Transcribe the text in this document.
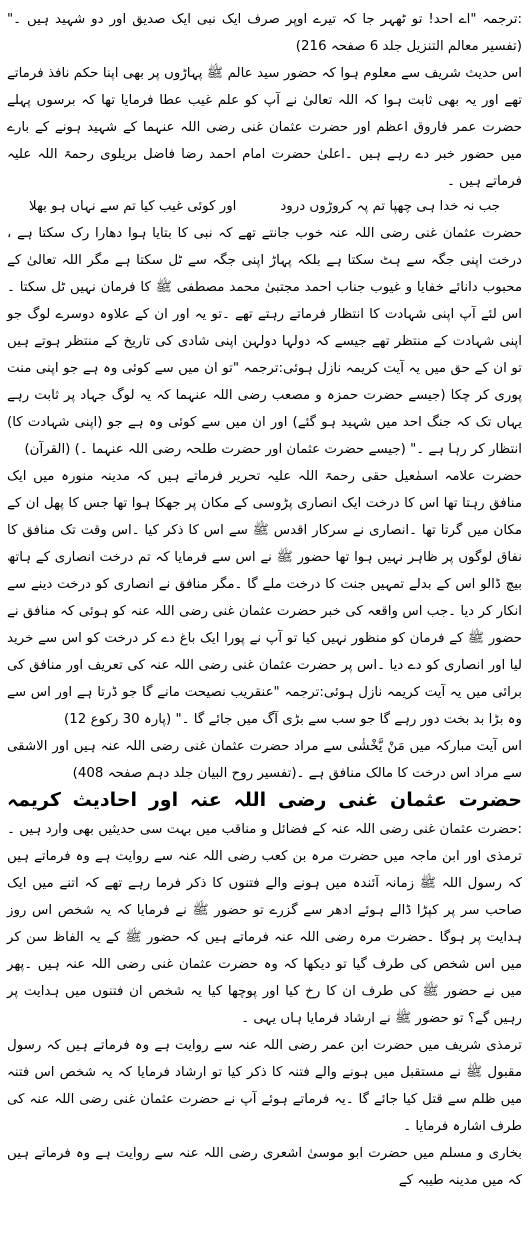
:ترجمہ "اے احد! تو ٹھہر جا کہ تیرے اوپر صرف ایک نبی ایک صدیق اور دو شہید ہیں ۔" (تفسیر معالم التنزیل جلد 6 صفحہ 216)

اس حدیث شریف سے معلوم ہوا کہ حضور سید عالم ﷺ پہاڑوں پر بھی اپنا حکم نافذ فرماتے تھے اور یہ بھی ثابت ہوا کہ اللہ تعالیٰ نے آپ کو علم غیب عطا فرمایا تھا کہ برسوں پہلے حضرت عمر فاروق اعظم اور حضرت عثمان غنی رضی اللہ عنہما کے شہید ہونے کے بارے میں حضور خبر دے رہے ہیں ۔اعلیٰ حضرت امام احمد رضا فاضل بریلوی رحمۃ اللہ علیہ فرماتے ہیں ۔

جب نہ خدا ہی چھپا تم پہ کروڑوں درود
اور کوئی غیب کیا تم سے نہاں ہو بھلا

حضرت عثمان غنی رضی اللہ عنہ خوب جانتے تھے کہ نبی کا بتایا ہوا دھارا رک سکتا ہے ، درخت اپنی جگہ سے ہٹ سکتا ہے بلکہ پہاڑ اپنی جگہ سے ٹل سکتا ہے مگر اللہ تعالیٰ کے محبوب دانائے خفایا و غیوب جناب احمد مجتبیٰ محمد مصطفی ﷺ کا فرمان نہیں ٹل سکتا ۔اس لئے آپ اپنی شہادت کا انتظار فرماتے رہتے تھے ۔تو یہ اور ان کے علاوہ دوسرے لوگ جو اپنی شہادت کے منتظر تھے جیسے کہ دولہا دولہن اپنی شادی کی تاریخ کے منتظر ہوتے ہیں تو ان کے حق میں یہ آیت کریمہ نازل ہوئی:ترجمہ "تو ان میں سے کوئی وہ ہے جو اپنی منت پوری کر چکا (جیسے حضرت حمزہ و مصعب رضی اللہ عنہما کہ یہ لوگ جہاد پر ثابت رہے یہاں تک کہ جنگ احد میں شہید ہو گئے) اور ان میں سے کوئی وہ ہے جو (اپنی شہادت کا) انتظار کر رہا ہے ۔" (جیسے حضرت عثمان اور حضرت طلحہ رضی اللہ عنہما ۔) (القرآن)

حضرت علامہ اسمٰعیل حقی رحمۃ اللہ علیہ تحریر فرماتے ہیں کہ مدینہ منورہ میں ایک منافق رہتا تھا اس کا درخت ایک انصاری پڑوسی کے مکان پر جھکا ہوا تھا جس کا پھل ان کے مکان میں گرتا تھا ۔انصاری نے سرکار اقدس ﷺ سے اس کا ذکر کیا ۔اس وقت تک منافق کا نفاق لوگوں پر ظاہر نہیں ہوا تھا حضور ﷺ نے اس سے فرمایا کہ تم درخت انصاری کے ہاتھ بیچ ڈالو اس کے بدلے تمہیں جنت کا درخت ملے گا ۔مگر منافق نے انصاری کو درخت دینے سے انکار کر دیا ۔جب اس واقعہ کی خبر حضرت عثمان غنی رضی اللہ عنہ کو ہوئی کہ منافق نے حضور ﷺ کے فرمان کو منظور نہیں کیا تو آپ نے پورا ایک باغ دے کر درخت کو اس سے خرید لیا اور انصاری کو دے دیا ۔اس پر حضرت عثمان غنی رضی اللہ عنہ کی تعریف اور منافق کی برائی میں یہ آیت کریمہ نازل ہوئی:ترجمہ "عنقریب نصیحت مانے گا جو ڈرتا ہے اور اس سے وہ بڑا بد بخت دور رہے گا جو سب سے بڑی آگ میں جائے گا ۔" (پارہ 30 رکوع 12)

اس آیت مبارکہ میں مَنْ یَّخْشٰی سے مراد حضرت عثمان غنی رضی اللہ عنہ ہیں اور الاشقی سے مراد اس درخت کا مالک منافق ہے ۔(تفسیر روح البیان جلد دہم صفحہ 408)

حضرت عثمان غنی رضی اللہ عنہ اور احادیث کریمہ :حضرت عثمان غنی رضی اللہ عنہ کے فضائل و مناقب میں بہت سی حدیثیں بھی وارد ہیں ۔ترمذی اور ابن ماجہ میں حضرت مرہ بن کعب رضی اللہ عنہ سے روایت ہے وہ فرماتے ہیں کہ رسول اللہ ﷺ زمانہ آئندہ میں ہونے والے فتنوں کا ذکر فرما رہے تھے کہ اتنے میں ایک صاحب سر پر کپڑا ڈالے ہوئے ادھر سے گزرے تو حضور ﷺ نے فرمایا کہ یہ شخص اس روز ہدایت پر ہوگا ۔حضرت مرہ رضی اللہ عنہ فرماتے ہیں کہ حضور ﷺ کے یہ الفاظ سن کر میں اس شخص کی طرف گیا تو دیکھا کہ وہ حضرت عثمان غنی رضی اللہ عنہ ہیں ۔پھر میں نے حضور ﷺ کی طرف ان کا رخ کیا اور پوچھا کیا یہ شخص ان فتنوں میں ہدایت پر رہیں گے؟ تو حضور ﷺ نے ارشاد فرمایا ہاں یہی ۔

ترمذی شریف میں حضرت ابن عمر رضی اللہ عنہ سے روایت ہے وہ فرماتے ہیں کہ رسول مقبول ﷺ نے مستقبل میں ہونے والے فتنہ کا ذکر کیا تو ارشاد فرمایا کہ یہ شخص اس فتنہ میں ظلم سے قتل کیا جائے گا ۔یہ فرماتے ہوئے آپ نے حضرت عثمان غنی رضی اللہ عنہ کی طرف اشارہ فرمایا ۔

بخاری و مسلم میں حضرت ابو موسیٰ اشعری رضی اللہ عنہ سے روایت ہے وہ فرماتے ہیں کہ میں مدینہ طیبہ کے
